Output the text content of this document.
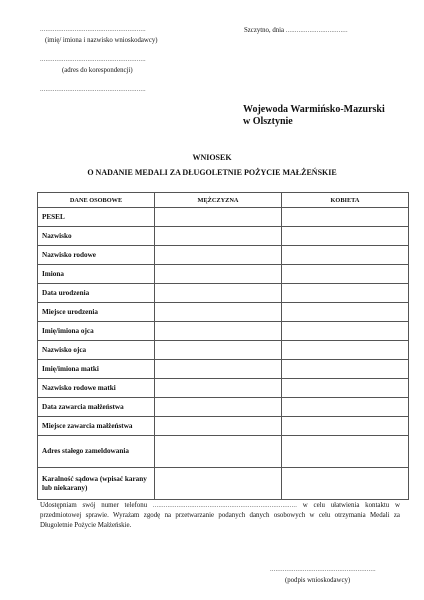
Szczytno, dnia ..................................
..........................................................
(imię/ imiona i nazwisko wnioskodawcy)
..........................................................
(adres do korespondencji)
..........................................................
Wojewoda Warmińsko-Mazurski
w Olsztynie
WNIOSEK
O NADANIE MEDALI ZA DŁUGOLETNIE POŻYCIE MAŁŻEŃSKIE
DANE OSOBOWE	MĘŻCZYZNA	KOBIETA
PESEL		
Nazwisko		
Nazwisko rodowe		
Imiona		
Data urodzenia		
Miejsce urodzenia		
Imię/imiona ojca		
Nazwisko ojca		
Imię/imiona matki		
Nazwisko rodowe matki		
Data zawarcia małżeństwa		
Miejsce zawarcia małżeństwa		
Adres stałego zameldowania		
Karalność sądowa (wpisać karany lub niekarany)		
Udostępniam swój numer telefonu ............................................................................... w celu ułatwienia kontaktu w przedmiotowej sprawie. Wyrażam zgodę na przetwarzanie podanych danych osobowych w celu otrzymania Medali za Długoletnie Pożycie Małżeńskie.
..........................................................
(podpis wnioskodawcy)
